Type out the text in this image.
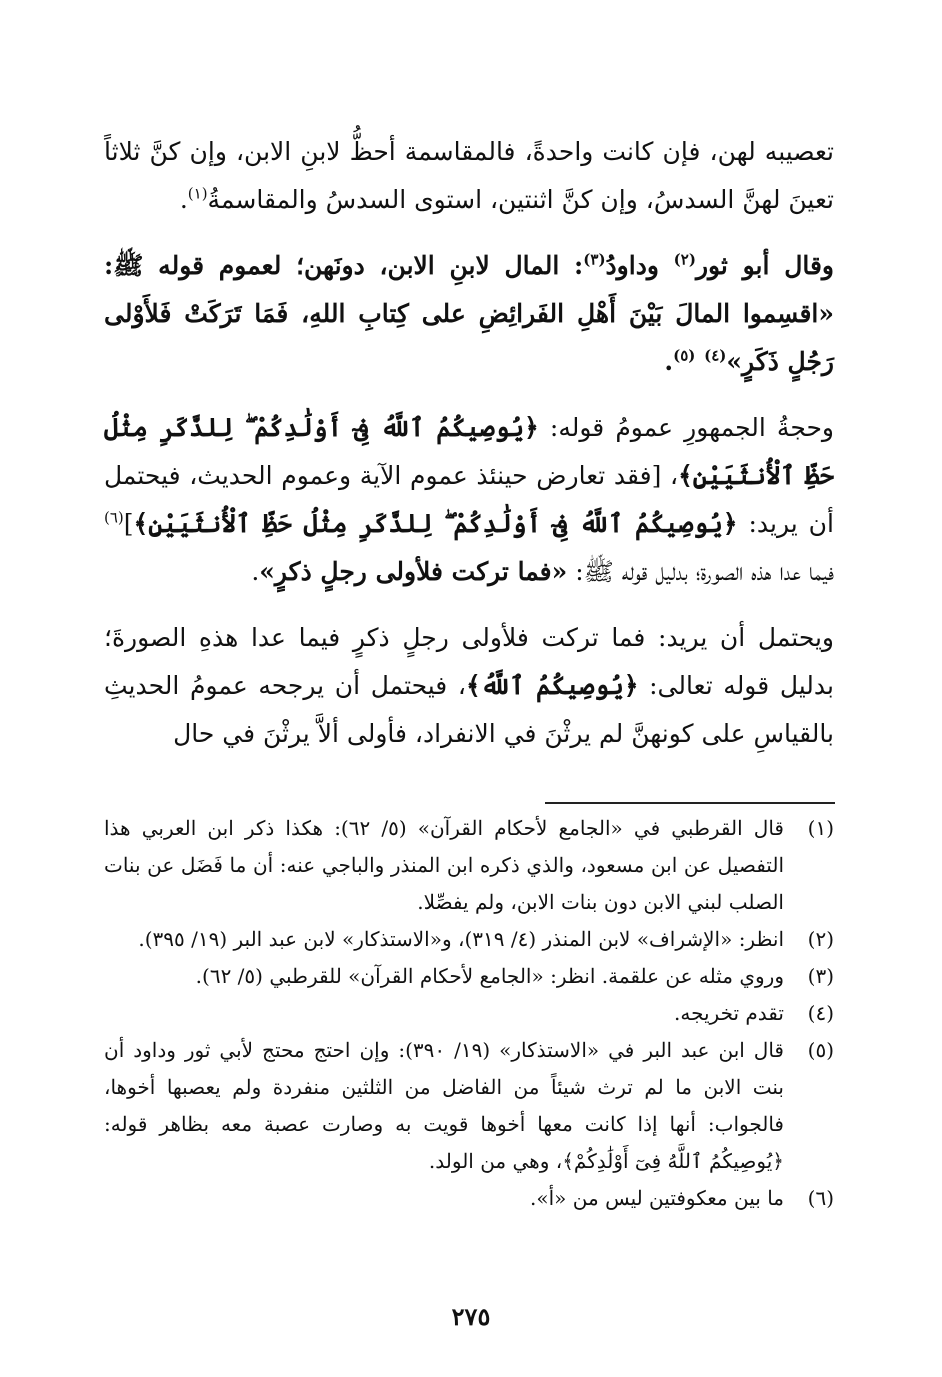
تعصيبه لهن، فإن كانت واحدةً، فالمقاسمة أحظُّ لابنِ الابن، وإن كنَّ ثلاثاً تعينَ لهنَّ السدسُ، وإن كنَّ اثنتين، استوى السدسُ والمقاسمةُ$^{(١)}$.

وقال أبو ثور$^{(٢)}$ وداودُ$^{(٣)}$: المال لابنِ الابن، دونَهن؛ لعموم قوله ﷺ: «اقسِموا المالَ بَيْنَ أَهْلِ الفَرائِضِ على كِتابِ اللهِ، فَمَا تَرَكَتْ فَلأَوْلى رَجُلٍ ذَكَرٍ»$^{(٤)}$ $^{(٥)}$.

وحجةُ الجمهورِ عمومُ قوله: ﴿يُوصِيكُمُ ٱللَّهُ فِىٓ أَوْلَٰدِكُمْ ۖ لِلذَّكَرِ مِثْلُ حَظِّ ٱلْأُنثَيَيْنِ﴾، [فقد تعارض حينئذ عموم الآية وعموم الحديث، فيحتمل أن يريد: ﴿يُوصِيكُمُ ٱللَّهُ فِىٓ أَوْلَٰدِكُمْ ۖ لِلذَّكَرِ مِثْلُ حَظِّ ٱلْأُنثَيَيْنِ﴾]$^{(٦)}$ فيما عدا هذه الصورة؛ بدليل قوله ﷺ: «فما تركت فلأولى رجلٍ ذكرٍ».

ويحتمل أن يريد: فما تركت فلأولى رجلٍ ذكرٍ فيما عدا هذهِ الصورةَ؛ بدليل قوله تعالى: ﴿يُوصِيكُمُ ٱللَّهُ﴾، فيحتمل أن يرجحه عمومُ الحديثِ بالقياسِ على كونهنَّ لم يرثْنَ في الانفراد، فأولى ألاَّ يرثْنَ في حال

(١)
قال القرطبي في «الجامع لأحكام القرآن» (٥/ ٦٢): هكذا ذكر ابن العربي هذا التفصيل عن ابن مسعود، والذي ذكره ابن المنذر والباجي عنه: أن ما فَضَل عن بنات الصلب لبني الابن دون بنات الابن، ولم يفصِّلا.
(٢)
انظر: «الإشراف» لابن المنذر (٤/ ٣١٩)، و«الاستذكار» لابن عبد البر (١٩/ ٣٩٥).
(٣)
وروي مثله عن علقمة. انظر: «الجامع لأحكام القرآن» للقرطبي (٥/ ٦٢).
(٤)
تقدم تخريجه.
(٥)
قال ابن عبد البر في «الاستذكار» (١٩/ ٣٩٠): وإن احتج محتج لأبي ثور وداود أن بنت الابن ما لم ترث شيئاً من الفاضل من الثلثين منفردة ولم يعصبها أخوها، فالجواب: أنها إذا كانت معها أخوها قويت به وصارت عصبة معه بظاهر قوله: ﴿يُوصِيكُمُ ٱللَّهُ فِىٓ أَوْلَٰدِكُمْ﴾، وهي من الولد.
(٦)
ما بين معكوفتين ليس من «أ».
٢٧٥
